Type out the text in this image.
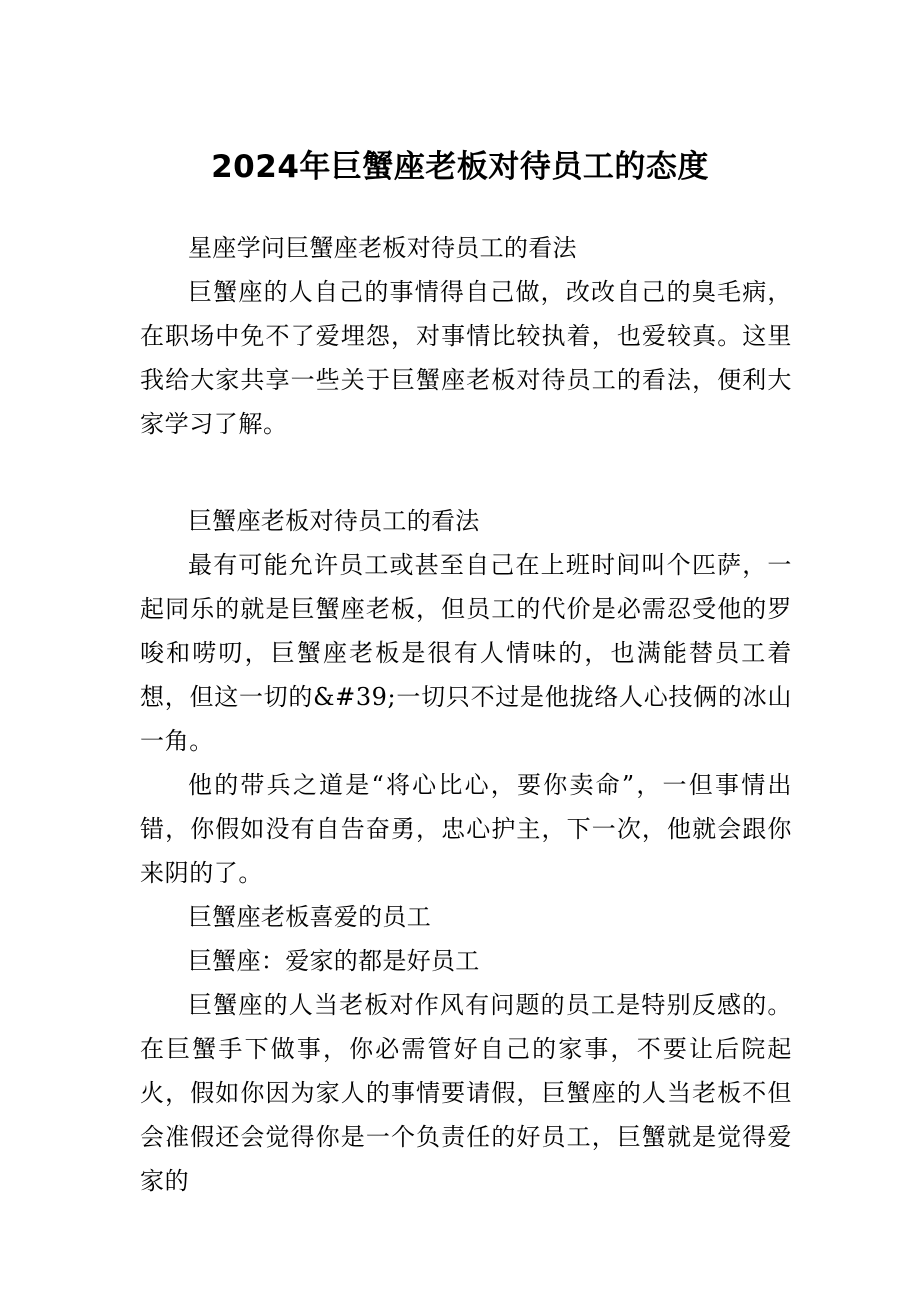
2024年巨蟹座老板对待员工的态度

星座学问巨蟹座老板对待员工的看法

巨蟹座的人自己的事情得自己做，改改自己的臭毛病，在职场中免不了爱埋怨，对事情比较执着，也爱较真。这里我给大家共享一些关于巨蟹座老板对待员工的看法，便利大家学习了解。

巨蟹座老板对待员工的看法

最有可能允许员工或甚至自己在上班时间叫个匹萨，一起同乐的就是巨蟹座老板，但员工的代价是必需忍受他的罗唆和唠叨，巨蟹座老板是很有人情味的，也满能替员工着想，但这一切的&#39;一切只不过是他拢络人心技俩的冰山一角。

他的带兵之道是“将心比心，要你卖命”，一但事情出错，你假如没有自告奋勇，忠心护主，下一次，他就会跟你来阴的了。

巨蟹座老板喜爱的员工

巨蟹座：爱家的都是好员工

巨蟹座的人当老板对作风有问题的员工是特别反感的。在巨蟹手下做事，你必需管好自己的家事，不要让后院起火，假如你因为家人的事情要请假，巨蟹座的人当老板不但会准假还会觉得你是一个负责任的好员工，巨蟹就是觉得爱家的
